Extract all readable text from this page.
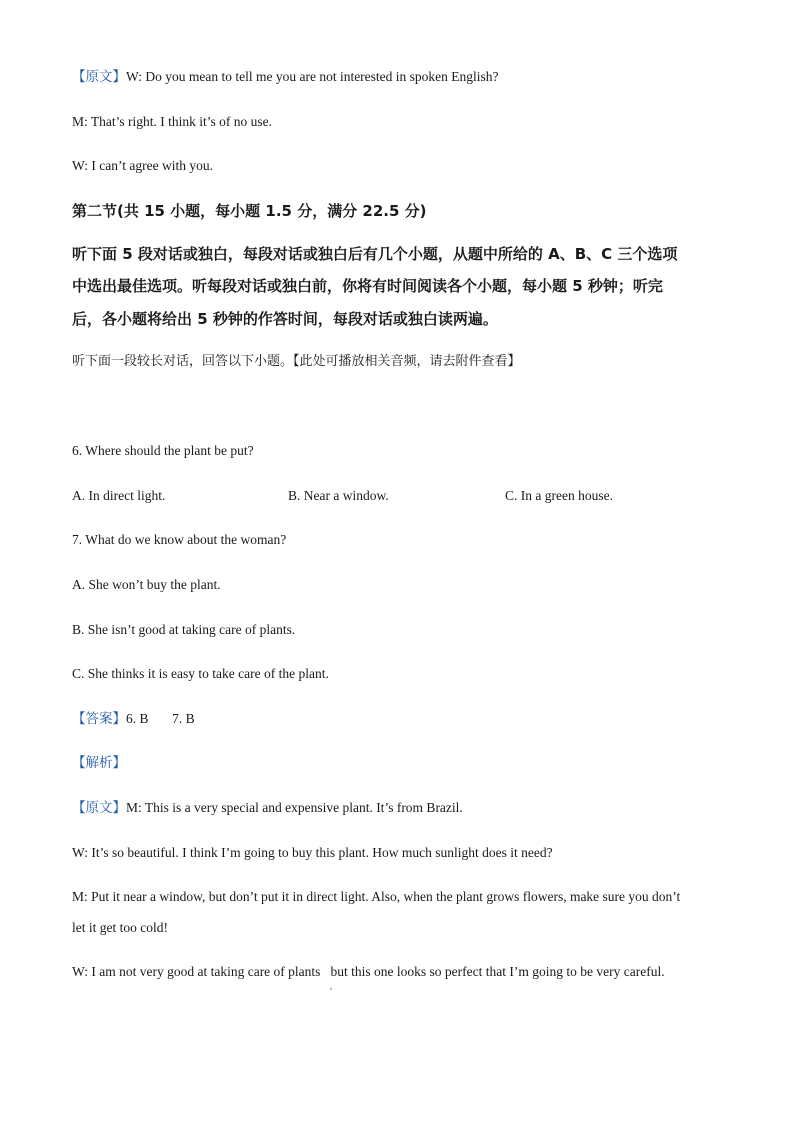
【原文】W: Do you mean to tell me you are not interested in spoken English?
M: That’s right. I think it’s of no use.
W: I can’t agree with you.
第二节(共 15 小题，每小题 1.5 分，满分 22.5 分)
听下面 5 段对话或独白，每段对话或独白后有几个小题，从题中所给的 A、B、C 三个选项
中选出最佳选项。听每段对话或独白前，你将有时间阅读各个小题，每小题 5 秒钟；听完
后，各小题将给出 5 秒钟的作答时间，每段对话或独白读两遍。
听下面一段较长对话，回答以下小题。【此处可播放相关音频，请去附件查看】
6. Where should the plant be put?
A. In direct light.	B. Near a window.	C. In a green house.
7. What do we know about the woman?
A. She won’t buy the plant.
B. She isn’t good at taking care of plants.
C. She thinks it is easy to take care of the plant.
【答案】6. B       7. B
【解析】
【原文】M: This is a very special and expensive plant. It’s from Brazil.
W: It’s so beautiful. I think I’m going to buy this plant. How much sunlight does it need?
M: Put it near a window, but don’t put it in direct light. Also, when the plant grows flowers, make sure you don’t
let it get too cold!
W: I am not very good at taking care of plants   but this one looks so perfect that I’m going to be very careful.
,
